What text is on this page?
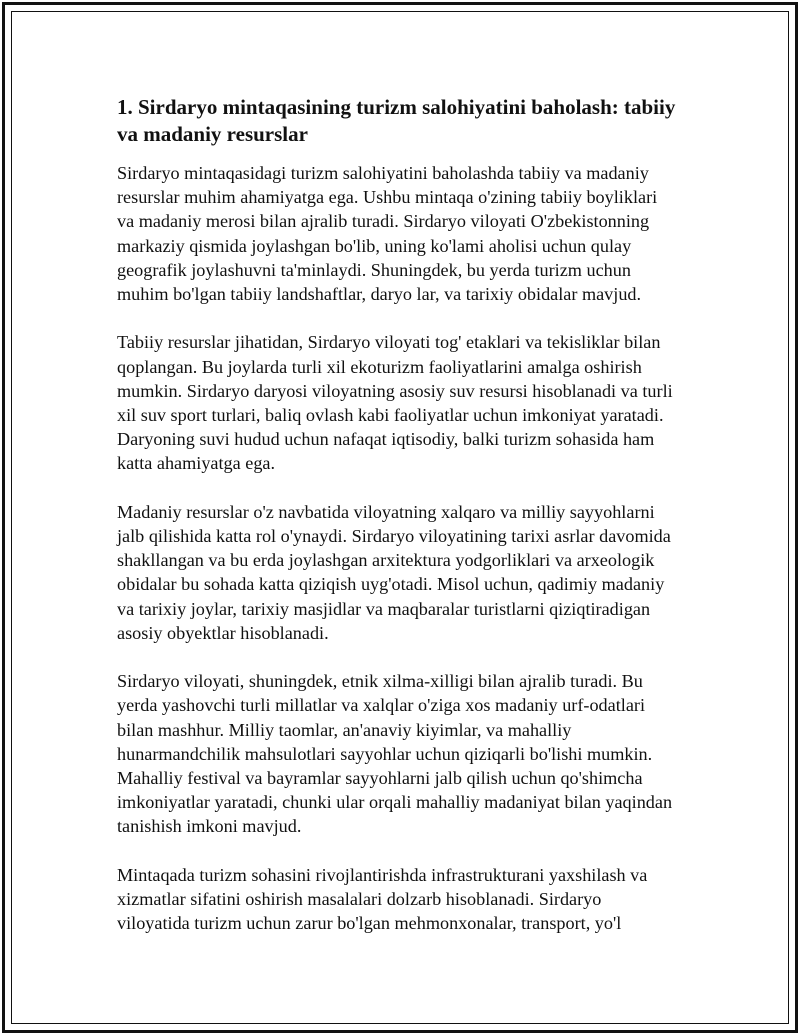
1. Sirdaryo mintaqasining turizm salohiyatini baholash: tabiiy
va madaniy resurslar

Sirdaryo mintaqasidagi turizm salohiyatini baholashda tabiiy va madaniy
resurslar muhim ahamiyatga ega. Ushbu mintaqa o'zining tabiiy boyliklari
va madaniy merosi bilan ajralib turadi. Sirdaryo viloyati O'zbekistonning
markaziy qismida joylashgan bo'lib, uning ko'lami aholisi uchun qulay
geografik joylashuvni ta'minlaydi. Shuningdek, bu yerda turizm uchun
muhim bo'lgan tabiiy landshaftlar, daryo lar, va tarixiy obidalar mavjud.

Tabiiy resurslar jihatidan, Sirdaryo viloyati tog' etaklari va tekisliklar bilan
qoplangan. Bu joylarda turli xil ekoturizm faoliyatlarini amalga oshirish
mumkin. Sirdaryo daryosi viloyatning asosiy suv resursi hisoblanadi va turli
xil suv sport turlari, baliq ovlash kabi faoliyatlar uchun imkoniyat yaratadi.
Daryoning suvi hudud uchun nafaqat iqtisodiy, balki turizm sohasida ham
katta ahamiyatga ega.

Madaniy resurslar o'z navbatida viloyatning xalqaro va milliy sayyohlarni
jalb qilishida katta rol o'ynaydi. Sirdaryo viloyatining tarixi asrlar davomida
shakllangan va bu erda joylashgan arxitektura yodgorliklari va arxeologik
obidalar bu sohada katta qiziqish uyg'otadi. Misol uchun, qadimiy madaniy
va tarixiy joylar, tarixiy masjidlar va maqbaralar turistlarni qiziqtiradigan
asosiy obyektlar hisoblanadi.

Sirdaryo viloyati, shuningdek, etnik xilma-xilligi bilan ajralib turadi. Bu
yerda yashovchi turli millatlar va xalqlar o'ziga xos madaniy urf-odatlari
bilan mashhur. Milliy taomlar, an'anaviy kiyimlar, va mahalliy
hunarmandchilik mahsulotlari sayyohlar uchun qiziqarli bo'lishi mumkin.
Mahalliy festival va bayramlar sayyohlarni jalb qilish uchun qo'shimcha
imkoniyatlar yaratadi, chunki ular orqali mahalliy madaniyat bilan yaqindan
tanishish imkoni mavjud.

Mintaqada turizm sohasini rivojlantirishda infrastrukturani yaxshilash va
xizmatlar sifatini oshirish masalalari dolzarb hisoblanadi. Sirdaryo
viloyatida turizm uchun zarur bo'lgan mehmonxonalar, transport, yo'l
